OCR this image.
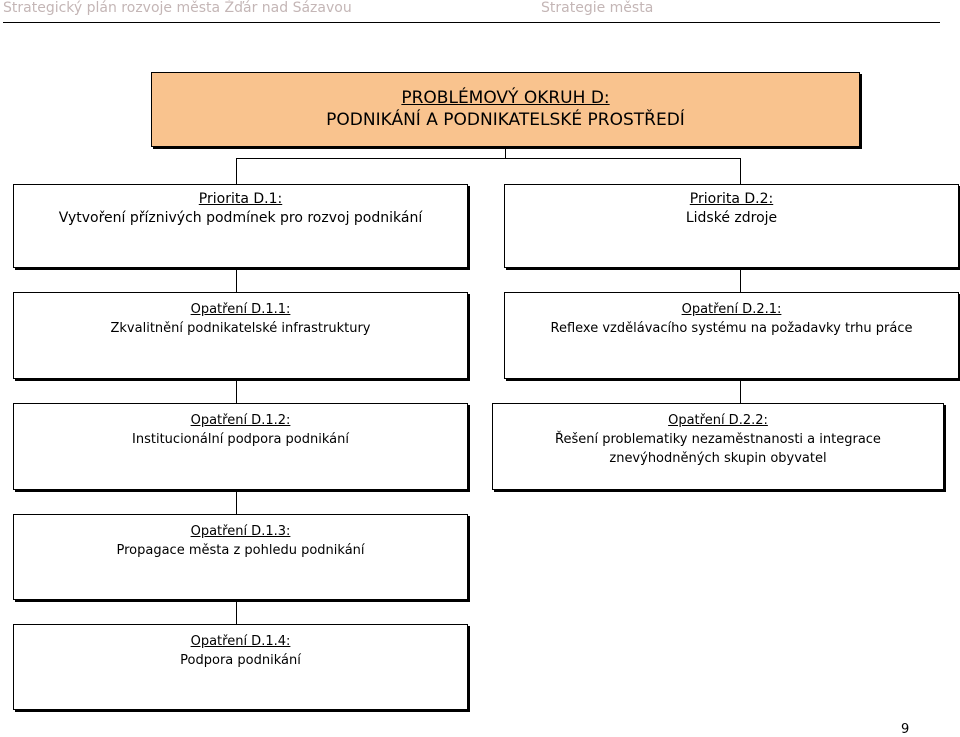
Strategický plán rozvoje města Žďár nad Sázavou	Strategie města
PROBLÉMOVÝ OKRUH D:
PODNIKÁNÍ A PODNIKATELSKÉ PROSTŘEDÍ
Priorita D.1:
Vytvoření příznivých podmínek pro rozvoj podnikání
Priorita D.2:
Lidské zdroje
Opatření D.1.1:
Zkvalitnění podnikatelské infrastruktury
Opatření D.1.2:
Institucionální podpora podnikání
Opatření D.1.3:
Propagace města z pohledu podnikání
Opatření D.1.4:
Podpora podnikání
Opatření D.2.1:
Reflexe vzdělávacího systému na požadavky trhu práce
Opatření D.2.2:
Řešení problematiky nezaměstnanosti a integrace
znevýhodněných skupin obyvatel
9
